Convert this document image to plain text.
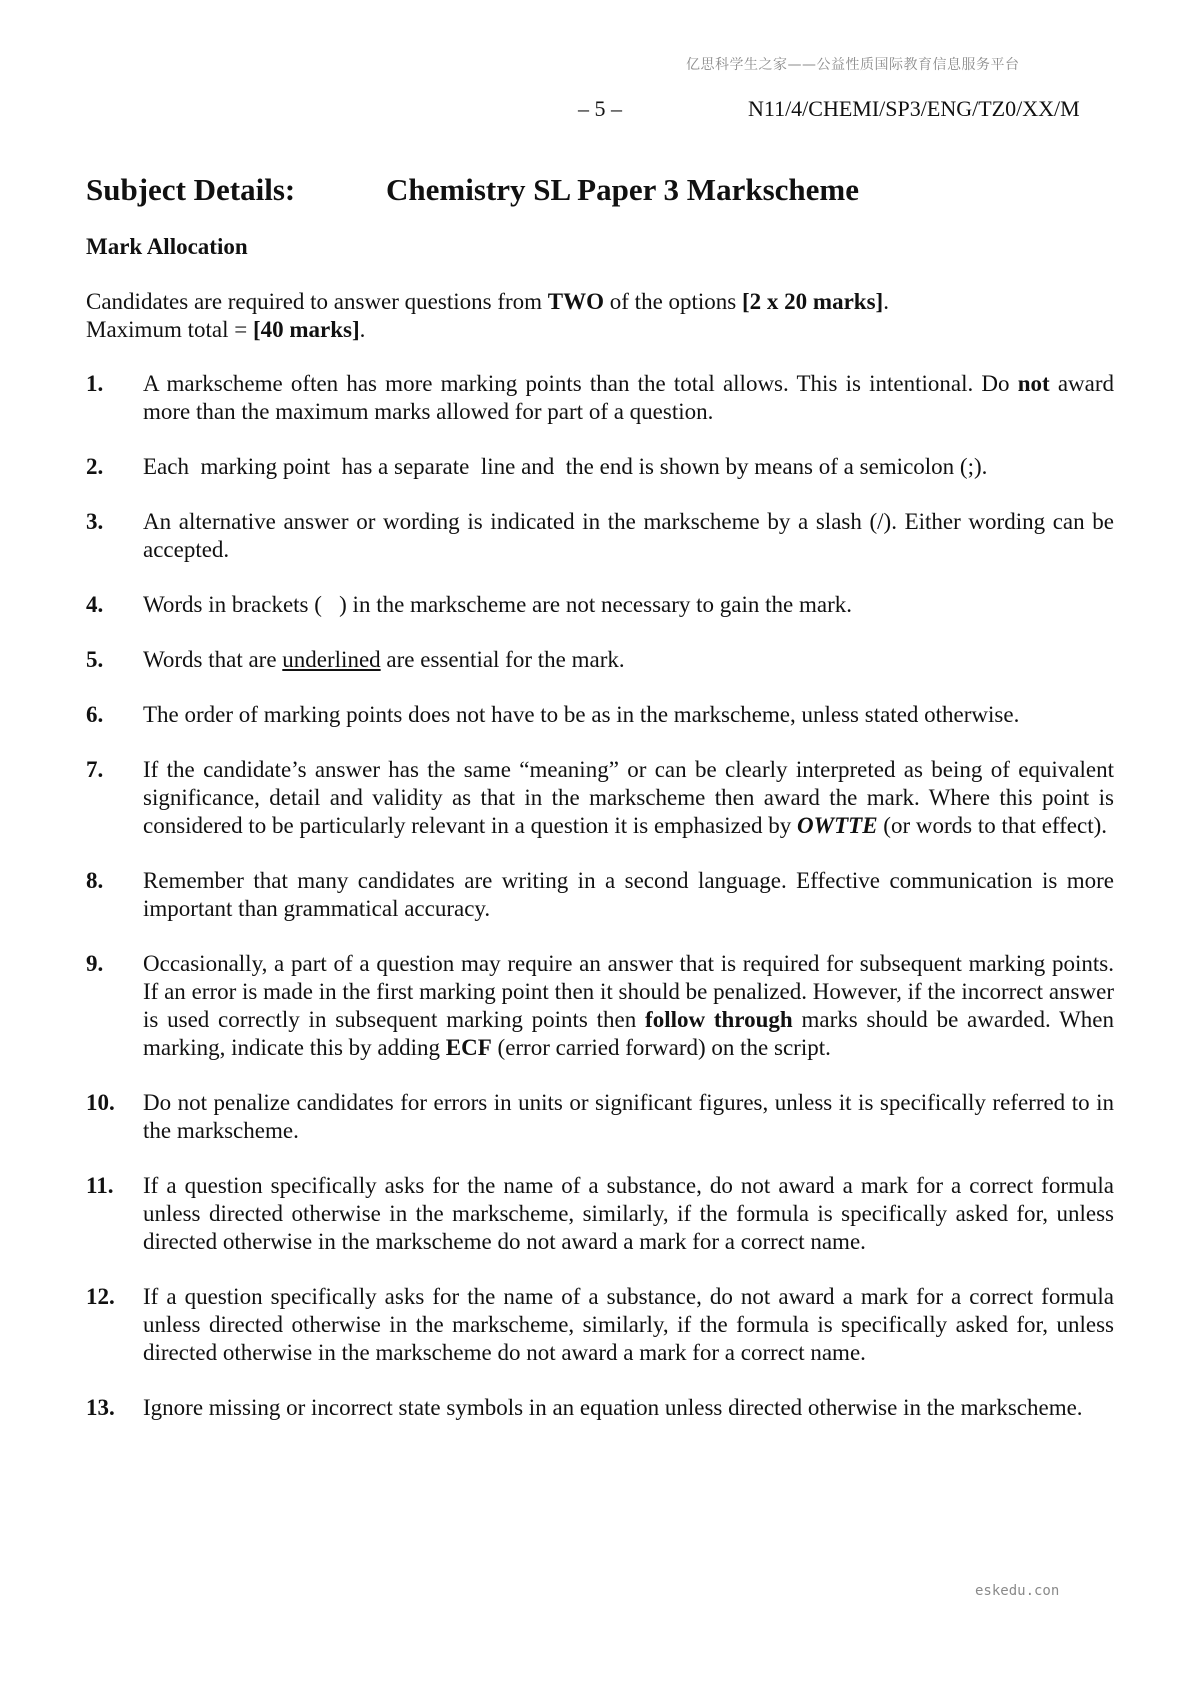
亿思科学生之家——公益性质国际教育信息服务平台
– 5 –	N11/4/CHEMI/SP3/ENG/TZ0/XX/M
Subject Details:	Chemistry SL Paper 3 Markscheme
Mark Allocation
Candidates are required to answer questions from TWO of the options [2 x 20 marks].
Maximum total = [40 marks].
1.	A markscheme often has more marking points than the total allows. This is intentional. Do not award more than the maximum marks allowed for part of a question.
2.	Each  marking point  has a separate  line and  the end is shown by means of a semicolon (;).
3.	An alternative answer or wording is indicated in the markscheme by a slash (/). Either wording can be accepted.
4.	Words in brackets (   ) in the markscheme are not necessary to gain the mark.
5.	Words that are underlined are essential for the mark.
6.	The order of marking points does not have to be as in the markscheme, unless stated otherwise.
7.	If the candidate’s answer has the same “meaning” or can be clearly interpreted as being of equivalent significance, detail and validity as that in the markscheme then award the mark. Where this point is considered to be particularly relevant in a question it is emphasized by OWTTE (or words to that effect).
8.	Remember that many candidates are writing in a second language. Effective communication is more important than grammatical accuracy.
9.	Occasionally, a part of a question may require an answer that is required for subsequent marking points. If an error is made in the first marking point then it should be penalized. However, if the incorrect answer is used correctly in subsequent marking points then follow through marks should be awarded. When marking, indicate this by adding ECF (error carried forward) on the script.
10.	Do not penalize candidates for errors in units or significant figures, unless it is specifically referred to in the markscheme.
11.	If a question specifically asks for the name of a substance, do not award a mark for a correct formula unless directed otherwise in the markscheme, similarly, if the formula is specifically asked for, unless directed otherwise in the markscheme do not award a mark for a correct name.
12.	If a question specifically asks for the name of a substance, do not award a mark for a correct formula unless directed otherwise in the markscheme, similarly, if the formula is specifically asked for, unless directed otherwise in the markscheme do not award a mark for a correct name.
13.	Ignore missing or incorrect state symbols in an equation unless directed otherwise in the markscheme.
eskedu.con
